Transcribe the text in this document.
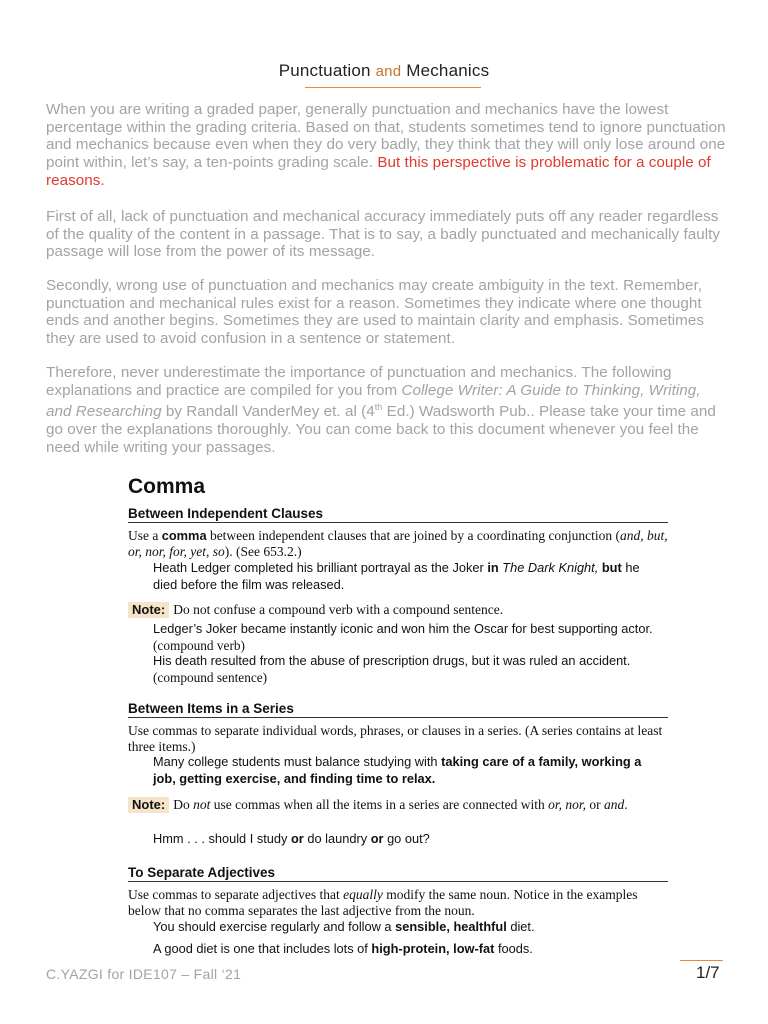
Punctuation and Mechanics

When you are writing a graded paper, generally punctuation and mechanics have the lowest percentage within the grading criteria. Based on that, students sometimes tend to ignore punctuation and mechanics because even when they do very badly, they think that they will only lose around one point within, let’s say, a ten-points grading scale. But this perspective is problematic for a couple of reasons.

First of all, lack of punctuation and mechanical accuracy immediately puts off any reader regardless of the quality of the content in a passage. That is to say, a badly punctuated and mechanically faulty passage will lose from the power of its message.

Secondly, wrong use of punctuation and mechanics may create ambiguity in the text. Remember, punctuation and mechanical rules exist for a reason. Sometimes they indicate where one thought ends and another begins. Sometimes they are used to maintain clarity and emphasis. Sometimes they are used to avoid confusion in a sentence or statement.

Therefore, never underestimate the importance of punctuation and mechanics. The following explanations and practice are compiled for you from College Writer: A Guide to Thinking, Writing, and Researching by Randall VanderMey et. al (4th Ed.) Wadsworth Pub.. Please take your time and go over the explanations thoroughly. You can come back to this document whenever you feel the need while writing your passages.

Comma
Between Independent Clauses

Use a comma between independent clauses that are joined by a coordinating conjunction (and, but, or, nor, for, yet, so). (See 653.2.)

Heath Ledger completed his brilliant portrayal as the Joker in The Dark Knight, but he died before the film was released.

Note: Do not confuse a compound verb with a compound sentence.

Ledger’s Joker became instantly iconic and won him the Oscar for best supporting actor. (compound verb)

His death resulted from the abuse of prescription drugs, but it was ruled an accident. (compound sentence)

Between Items in a Series

Use commas to separate individual words, phrases, or clauses in a series. (A series contains at least three items.)

Many college students must balance studying with taking care of a family, working a job, getting exercise, and finding time to relax.

Note: Do not use commas when all the items in a series are connected with or, nor, or and.

Hmm . . . should I study or do laundry or go out?

To Separate Adjectives

Use commas to separate adjectives that equally modify the same noun. Notice in the examples below that no comma separates the last adjective from the noun.

You should exercise regularly and follow a sensible, healthful diet.

A good diet is one that includes lots of high-protein, low-fat foods.

C.YAZGI for IDE107 – Fall ‘21	1/7
